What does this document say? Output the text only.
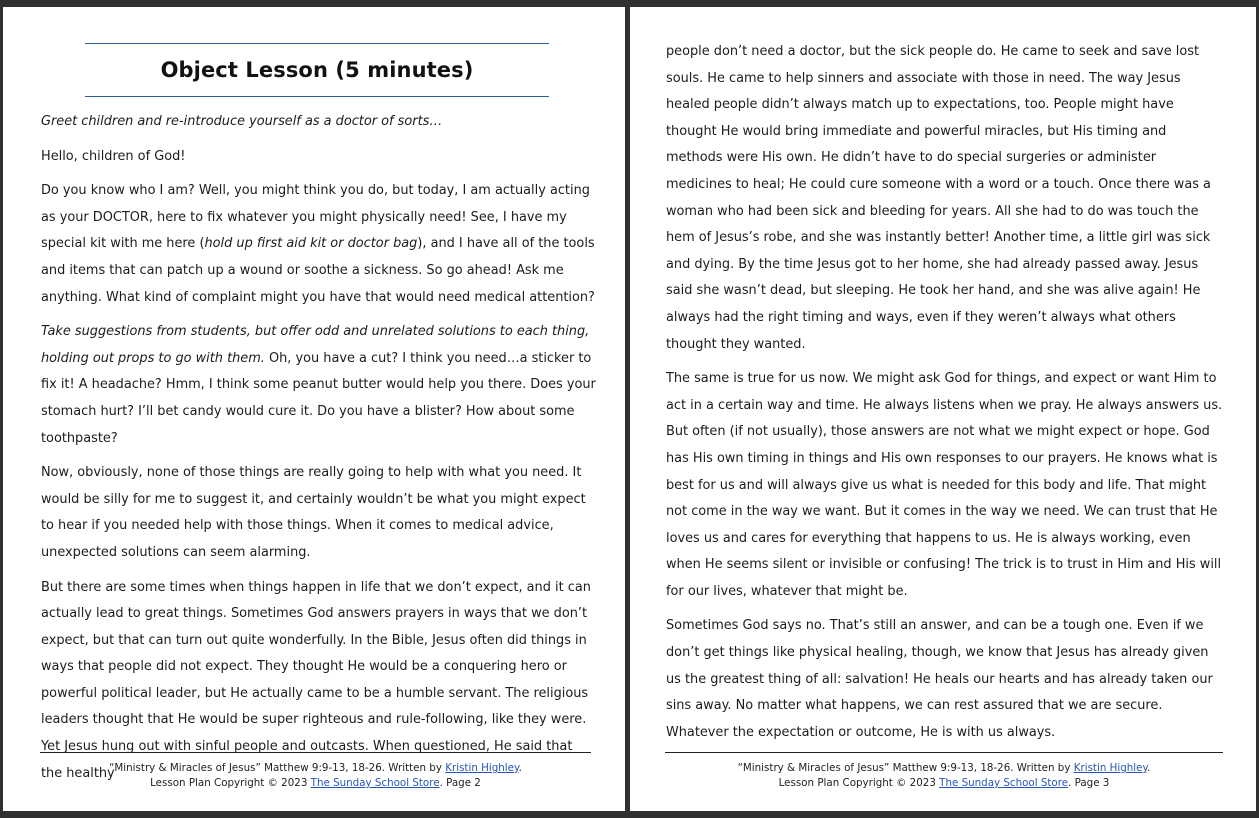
Object Lesson (5 minutes)

Greet children and re-introduce yourself as a doctor of sorts…

Hello, children of God!

Do you know who I am? Well, you might think you do, but today, I am actually acting as your DOCTOR, here to fix whatever you might physically need! See, I have my special kit with me here (hold up first aid kit or doctor bag), and I have all of the tools and items that can patch up a wound or soothe a sickness. So go ahead! Ask me anything. What kind of complaint might you have that would need medical attention?

Take suggestions from students, but offer odd and unrelated solutions to each thing, holding out props to go with them. Oh, you have a cut? I think you need…a sticker to fix it! A headache? Hmm, I think some peanut butter would help you there. Does your stomach hurt? I’ll bet candy would cure it. Do you have a blister? How about some toothpaste?

Now, obviously, none of those things are really going to help with what you need. It would be silly for me to suggest it, and certainly wouldn’t be what you might expect to hear if you needed help with those things. When it comes to medical advice, unexpected solutions can seem alarming.

But there are some times when things happen in life that we don’t expect, and it can actually lead to great things. Sometimes God answers prayers in ways that we don’t expect, but that can turn out quite wonderfully. In the Bible, Jesus often did things in ways that people did not expect. They thought He would be a conquering hero or powerful political leader, but He actually came to be a humble servant. The religious leaders thought that He would be super righteous and rule-following, like they were. Yet Jesus hung out with sinful people and outcasts. When questioned, He said that the healthy

“Ministry & Miracles of Jesus” Matthew 9:9-13, 18-26. Written by Kristin Highley.
Lesson Plan Copyright © 2023 The Sunday School Store. Page 2

people don’t need a doctor, but the sick people do. He came to seek and save lost souls. He came to help sinners and associate with those in need. The way Jesus healed people didn’t always match up to expectations, too. People might have thought He would bring immediate and powerful miracles, but His timing and methods were His own. He didn’t have to do special surgeries or administer medicines to heal; He could cure someone with a word or a touch. Once there was a woman who had been sick and bleeding for years. All she had to do was touch the hem of Jesus’s robe, and she was instantly better! Another time, a little girl was sick and dying. By the time Jesus got to her home, she had already passed away. Jesus said she wasn’t dead, but sleeping. He took her hand, and she was alive again! He always had the right timing and ways, even if they weren’t always what others thought they wanted.

The same is true for us now. We might ask God for things, and expect or want Him to act in a certain way and time. He always listens when we pray. He always answers us. But often (if not usually), those answers are not what we might expect or hope. God has His own timing in things and His own responses to our prayers. He knows what is best for us and will always give us what is needed for this body and life. That might not come in the way we want. But it comes in the way we need. We can trust that He loves us and cares for everything that happens to us. He is always working, even when He seems silent or invisible or confusing! The trick is to trust in Him and His will for our lives, whatever that might be.

Sometimes God says no. That’s still an answer, and can be a tough one. Even if we don’t get things like physical healing, though, we know that Jesus has already given us the greatest thing of all: salvation! He heals our hearts and has already taken our sins away. No matter what happens, we can rest assured that we are secure. Whatever the expectation or outcome, He is with us always.

“Ministry & Miracles of Jesus” Matthew 9:9-13, 18-26. Written by Kristin Highley.
Lesson Plan Copyright © 2023 The Sunday School Store. Page 3
